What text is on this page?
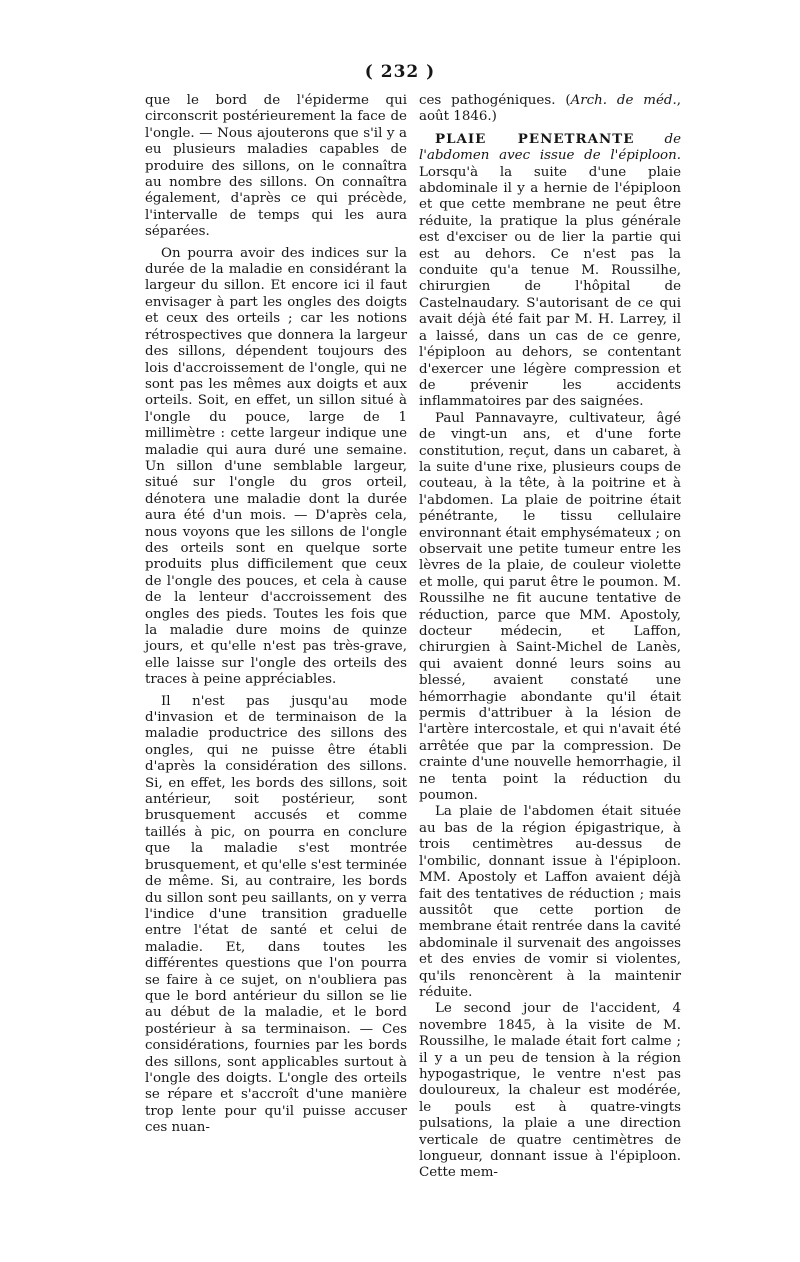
( 232 )

que le bord de l'épiderme qui circonscrit postérieurement la face de l'ongle. — Nous ajouterons que s'il y a eu plusieurs maladies capables de produire des sillons, on le connaîtra au nombre des sillons. On connaîtra également, d'après ce qui précède, l'intervalle de temps qui les aura séparées.

On pourra avoir des indices sur la durée de la maladie en considérant la largeur du sillon. Et encore ici il faut envisager à part les ongles des doigts et ceux des orteils ; car les notions rétrospectives que donnera la largeur des sillons, dépendent toujours des lois d'accroissement de l'ongle, qui ne sont pas les mêmes aux doigts et aux orteils. Soit, en effet, un sillon situé à l'ongle du pouce, large de 1 millimètre : cette largeur indique une maladie qui aura duré une semaine. Un sillon d'une semblable largeur, situé sur l'ongle du gros orteil, dénotera une maladie dont la durée aura été d'un mois. — D'après cela, nous voyons que les sillons de l'ongle des orteils sont en quelque sorte produits plus difficilement que ceux de l'ongle des pouces, et cela à cause de la lenteur d'accroissement des ongles des pieds. Toutes les fois que la maladie dure moins de quinze jours, et qu'elle n'est pas très-grave, elle laisse sur l'ongle des orteils des traces à peine appréciables.

Il n'est pas jusqu'au mode d'invasion et de terminaison de la maladie productrice des sillons des ongles, qui ne puisse être établi d'après la considération des sillons. Si, en effet, les bords des sillons, soit antérieur, soit postérieur, sont brusquement accusés et comme taillés à pic, on pourra en conclure que la maladie s'est montrée brusquement, et qu'elle s'est terminée de même. Si, au contraire, les bords du sillon sont peu saillants, on y verra l'indice d'une transition graduelle entre l'état de santé et celui de maladie. Et, dans toutes les différentes questions que l'on pourra se faire à ce sujet, on n'oubliera pas que le bord antérieur du sillon se lie au début de la maladie, et le bord postérieur à sa terminaison. — Ces considérations, fournies par les bords des sillons, sont applicables surtout à l'ongle des doigts. L'ongle des orteils se répare et s'accroît d'une manière trop lente pour qu'il puisse accuser ces nuan-

ces pathogéniques. (Arch. de méd., août 1846.)

PLAIE PENETRANTE de l'abdomen avec issue de l'épiploon. Lorsqu'à la suite d'une plaie abdominale il y a hernie de l'épiploon et que cette membrane ne peut être réduite, la pratique la plus générale est d'exciser ou de lier la partie qui est au dehors. Ce n'est pas la conduite qu'a tenue M. Roussilhe, chirurgien de l'hôpital de Castelnaudary. S'autorisant de ce qui avait déjà été fait par M. H. Larrey, il a laissé, dans un cas de ce genre, l'épiploon au dehors, se contentant d'exercer une légère compression et de prévenir les accidents inflammatoires par des saignées.

Paul Pannavayre, cultivateur, âgé de vingt-un ans, et d'une forte constitution, reçut, dans un cabaret, à la suite d'une rixe, plusieurs coups de couteau, à la tête, à la poitrine et à l'abdomen. La plaie de poitrine était pénétrante, le tissu cellulaire environnant était emphysémateux ; on observait une petite tumeur entre les lèvres de la plaie, de couleur violette et molle, qui parut être le poumon. M. Roussilhe ne fit aucune tentative de réduction, parce que MM. Apostoly, docteur médecin, et Laffon, chirurgien à Saint-Michel de Lanès, qui avaient donné leurs soins au blessé, avaient constaté une hémorrhagie abondante qu'il était permis d'attribuer à la lésion de l'artère intercostale, et qui n'avait été arrêtée que par la compression. De crainte d'une nouvelle hemorrhagie, il ne tenta point la réduction du poumon.

La plaie de l'abdomen était située au bas de la région épigastrique, à trois centimètres au-dessus de l'ombilic, donnant issue à l'épiploon. MM. Apostoly et Laffon avaient déjà fait des tentatives de réduction ; mais aussitôt que cette portion de membrane était rentrée dans la cavité abdominale il survenait des angoisses et des envies de vomir si violentes, qu'ils renoncèrent à la maintenir réduite.

Le second jour de l'accident, 4 novembre 1845, à la visite de M. Roussilhe, le malade était fort calme ; il y a un peu de tension à la région hypogastrique, le ventre n'est pas douloureux, la chaleur est modérée, le pouls est à quatre-vingts pulsations, la plaie a une direction verticale de quatre centimètres de longueur, donnant issue à l'épiploon. Cette mem-
